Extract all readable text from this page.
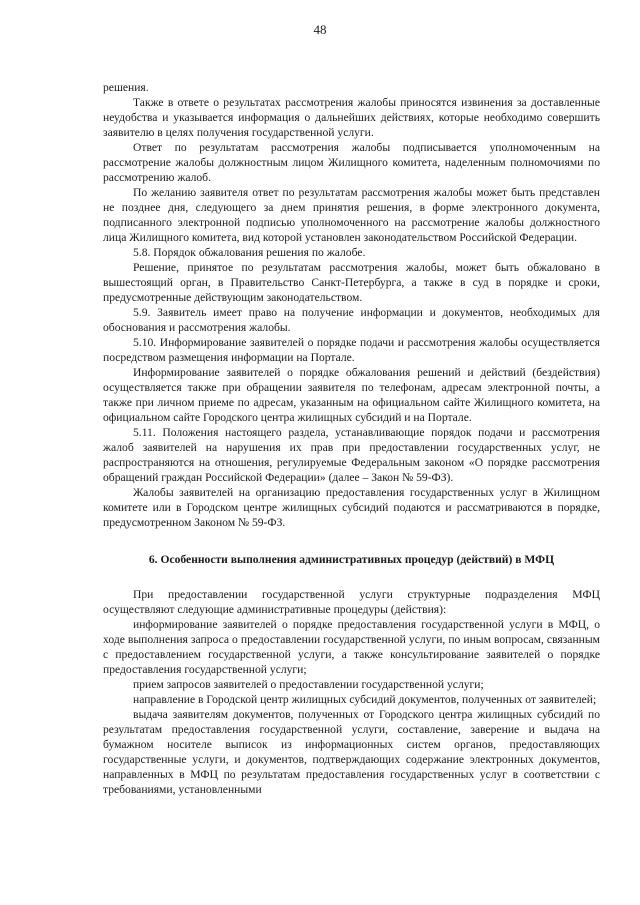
48

решения.

Также в ответе о результатах рассмотрения жалобы приносятся извинения за доставленные неудобства и указывается информация о дальнейших действиях, которые необходимо совершить заявителю в целях получения государственной услуги.

Ответ по результатам рассмотрения жалобы подписывается уполномоченным на рассмотрение жалобы должностным лицом Жилищного комитета, наделенным полномочиями по рассмотрению жалоб.

По желанию заявителя ответ по результатам рассмотрения жалобы может быть представлен не позднее дня, следующего за днем принятия решения, в форме электронного документа, подписанного электронной подписью уполномоченного на рассмотрение жалобы должностного лица Жилищного комитета, вид которой установлен законодательством Российской Федерации.

5.8. Порядок обжалования решения по жалобе.

Решение, принятое по результатам рассмотрения жалобы, может быть обжаловано в вышестоящий орган, в Правительство Санкт-Петербурга, а также в суд в порядке и сроки, предусмотренные действующим законодательством.

5.9. Заявитель имеет право на получение информации и документов, необходимых для обоснования и рассмотрения жалобы.

5.10. Информирование заявителей о порядке подачи и рассмотрения жалобы осуществляется посредством размещения информации на Портале.

Информирование заявителей о порядке обжалования решений и действий (бездействия) осуществляется также при обращении заявителя по телефонам, адресам электронной почты, а также при личном приеме по адресам, указанным на официальном сайте Жилищного комитета, на официальном сайте Городского центра жилищных субсидий и на Портале.

5.11. Положения настоящего раздела, устанавливающие порядок подачи и рассмотрения жалоб заявителей на нарушения их прав при предоставлении государственных услуг, не распространяются на отношения, регулируемые Федеральным законом «О порядке рассмотрения обращений граждан Российской Федерации» (далее – Закон № 59-ФЗ).

Жалобы заявителей на организацию предоставления государственных услуг в Жилищном комитете или в Городском центре жилищных субсидий подаются и рассматриваются в порядке, предусмотренном Законом № 59-ФЗ.

6. Особенности выполнения административных процедур (действий) в МФЦ

При предоставлении государственной услуги структурные подразделения МФЦ осуществляют следующие административные процедуры (действия):

информирование заявителей о порядке предоставления государственной услуги в МФЦ, о ходе выполнения запроса о предоставлении государственной услуги, по иным вопросам, связанным с предоставлением государственной услуги, а также консультирование заявителей о порядке предоставления государственной услуги;

прием запросов заявителей о предоставлении государственной услуги;

направление в Городской центр жилищных субсидий документов, полученных от заявителей;

выдача заявителям документов, полученных от Городского центра жилищных субсидий по результатам предоставления государственной услуги, составление, заверение и выдача на бумажном носителе выписок из информационных систем органов, предоставляющих государственные услуги, и документов, подтверждающих содержание электронных документов, направленных в МФЦ по результатам предоставления государственных услуг в соответствии с требованиями, установленными
